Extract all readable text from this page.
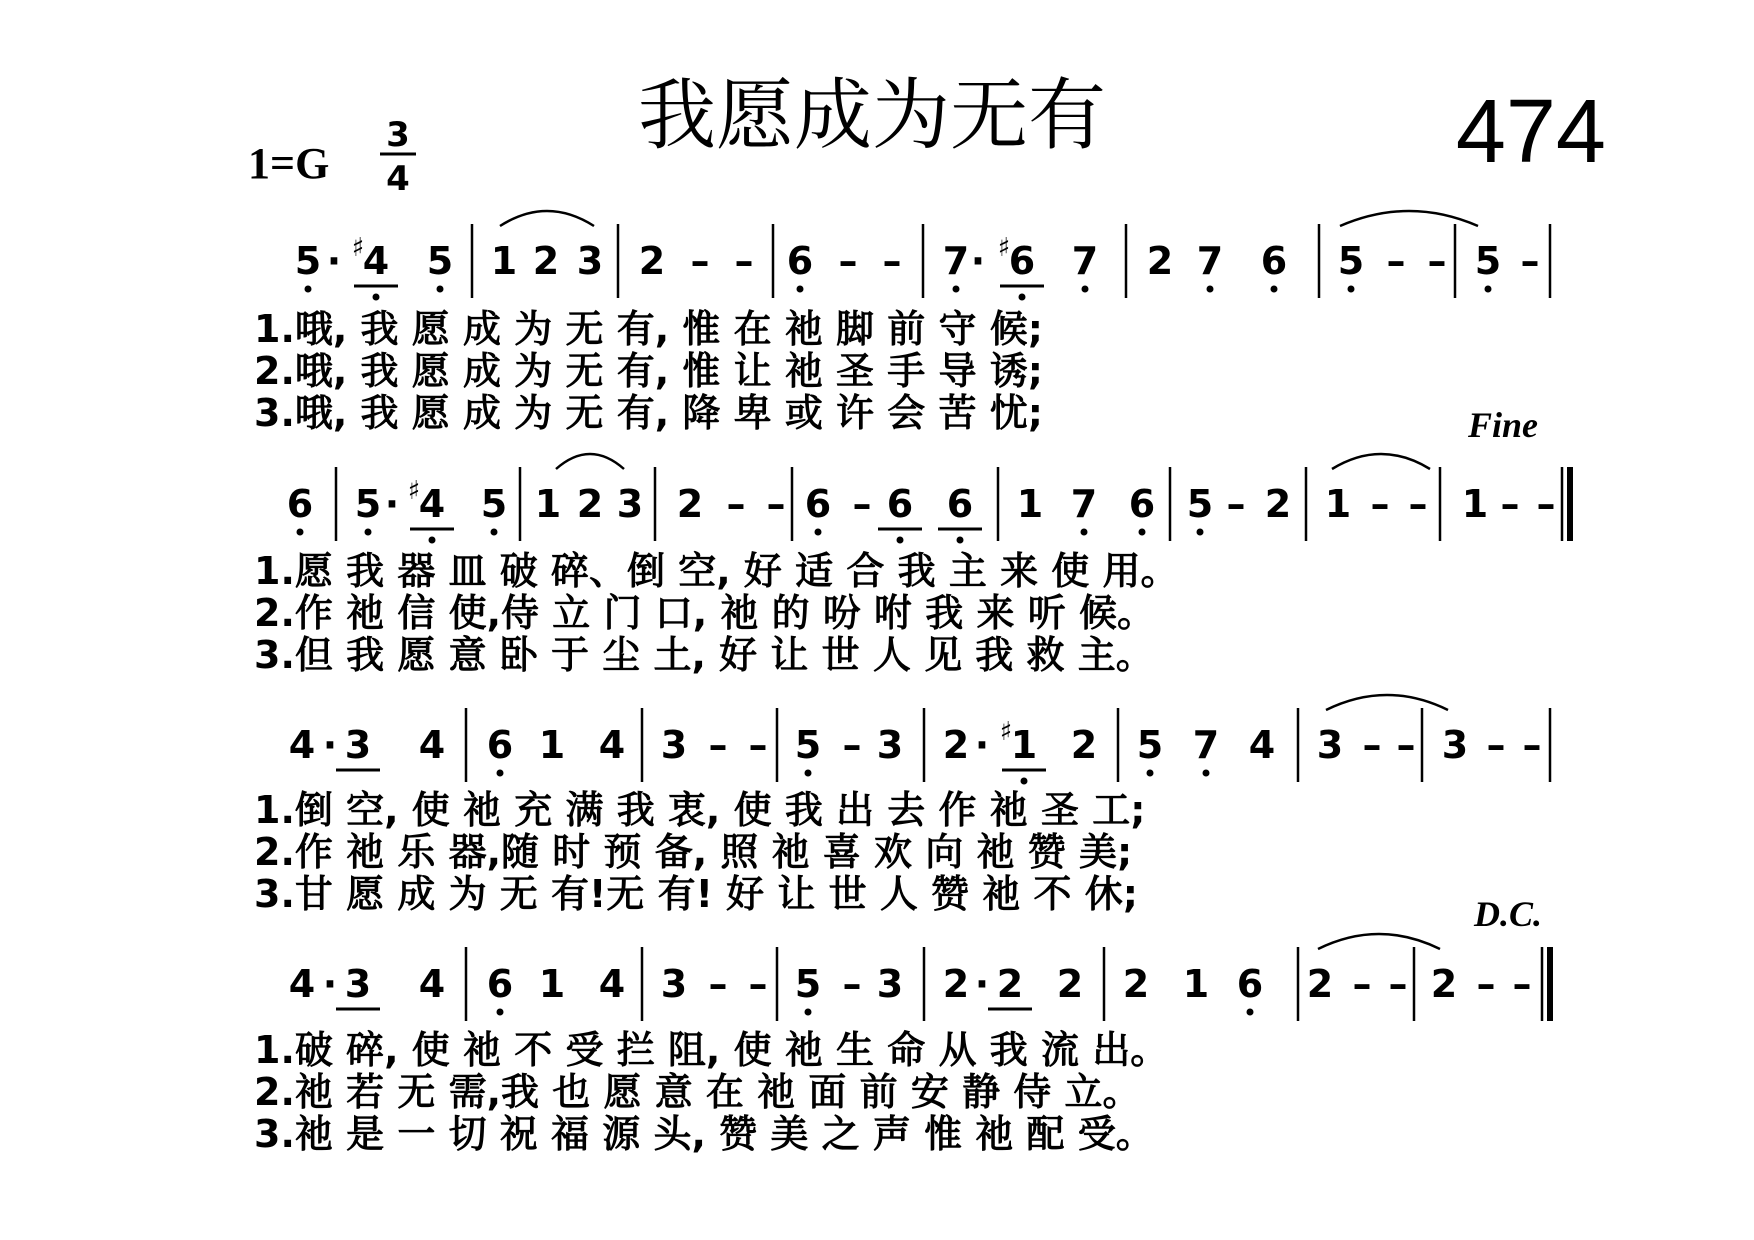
我愿成为无有	474
1=G
3
4
Fine
D.C.
5 · 4
♯ 5 1 2 3 2 – – 6 – – 7 · 6
♯ 7 2 7 6 5 – – 5 –
1.哦, 我 愿 成 为 无 有, 惟 在 祂 脚 前 守 候;
2.哦, 我 愿 成 为 无 有, 惟 让 祂 圣 手 导 诱;
3.哦, 我 愿 成 为 无 有, 降 卑 或 许 会 苦 忧;
6 5 · 4
♯ 5 1 2 3 2 – – 6 – 6 6 1 7 6 5 – 2 1 – – 1 – –
1.愿 我 器 皿 破 碎、倒 空, 好 适 合 我 主 来 使 用。
2.作 祂 信 使,侍 立 门 口, 祂 的 吩 咐 我 来 听 候。
3.但 我 愿 意 卧 于 尘 土, 好 让 世 人 见 我 救 主。
4 · 3 4 6 1 4 3 – – 5 – 3 2 · 1
♯ 2 5 7 4 3 – – 3 – –
1.倒 空, 使 祂 充 满 我 衷, 使 我 出 去 作 祂 圣 工;
2.作 祂 乐 器,随 时 预 备, 照 祂 喜 欢 向 祂 赞 美;
3.甘 愿 成 为 无 有!无 有! 好 让 世 人 赞 祂 不 休;
4 · 3 4 6 1 4 3 – – 5 – 3 2 · 2 2 2 1 6 2 – – 2 – –
1.破 碎, 使 祂 不 受 拦 阻, 使 祂 生 命 从 我 流 出。
2.祂 若 无 需,我 也 愿 意 在 祂 面 前 安 静 侍 立。
3.祂 是 一 切 祝 福 源 头, 赞 美 之 声 惟 祂 配 受。
